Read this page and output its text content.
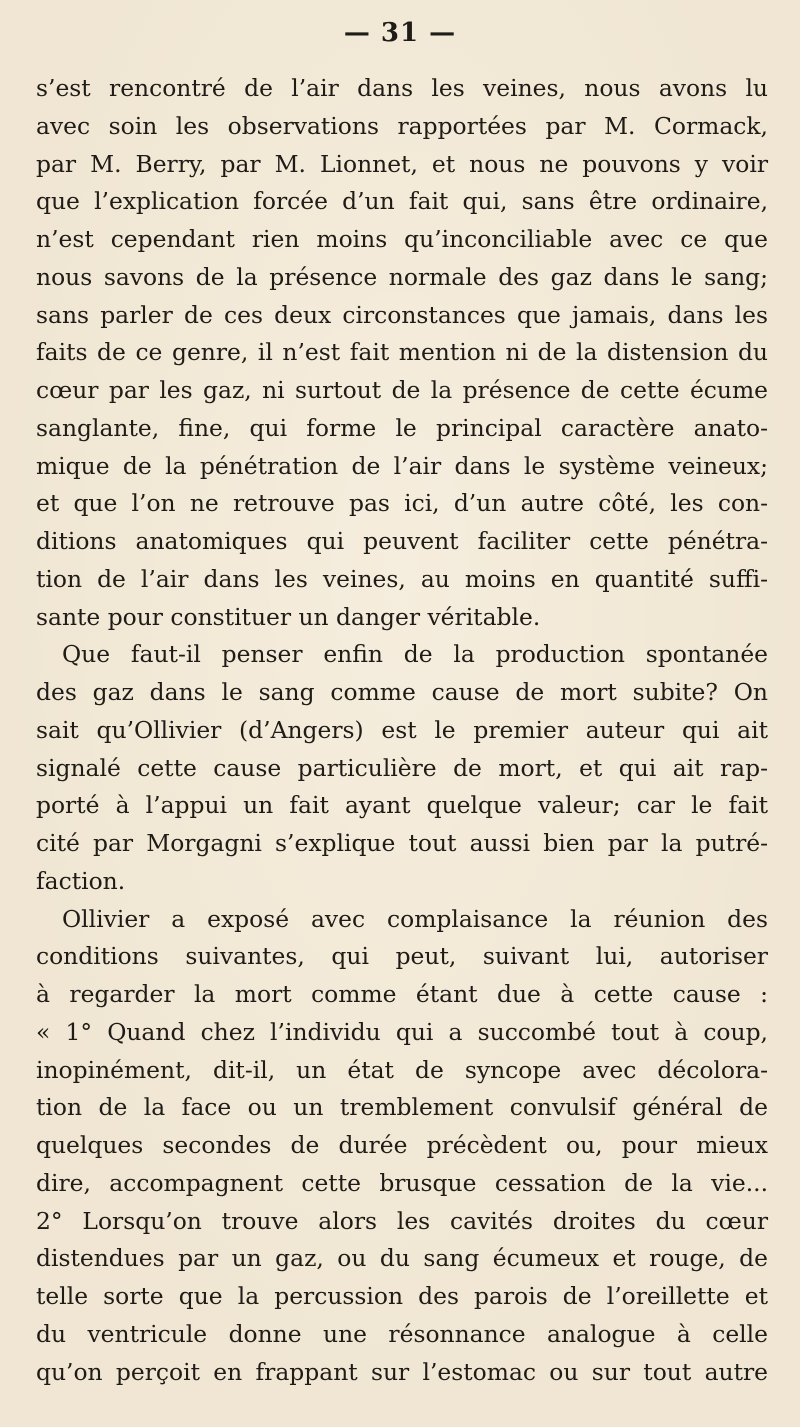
— 31 —
s’est rencontré de l’air dans les veines, nous avons lu
avec soin les observations rapportées par M. Cormack,
par M. Berry, par M. Lionnet, et nous ne pouvons y voir
que l’explication forcée d’un fait qui, sans être ordinaire,
n’est cependant rien moins qu’inconciliable avec ce que
nous savons de la présence normale des gaz dans le sang;
sans parler de ces deux circonstances que jamais, dans les
faits de ce genre, il n’est fait mention ni de la distension du
cœur par les gaz, ni surtout de la présence de cette écume
sanglante, fine, qui forme le principal caractère anato-
mique de la pénétration de l’air dans le système veineux;
et que l’on ne retrouve pas ici, d’un autre côté, les con-
ditions anatomiques qui peuvent faciliter cette pénétra-
tion de l’air dans les veines, au moins en quantité suffi-
sante pour constituer un danger véritable.
Que faut-il penser enfin de la production spontanée
des gaz dans le sang comme cause de mort subite? On
sait qu’Ollivier (d’Angers) est le premier auteur qui ait
signalé cette cause particulière de mort, et qui ait rap-
porté à l’appui un fait ayant quelque valeur; car le fait
cité par Morgagni s’explique tout aussi bien par la putré-
faction.
Ollivier a exposé avec complaisance la réunion des
conditions suivantes, qui peut, suivant lui, autoriser
à regarder la mort comme étant due à cette cause :
« 1° Quand chez l’individu qui a succombé tout à coup,
inopinément, dit-il, un état de syncope avec décolora-
tion de la face ou un tremblement convulsif général de
quelques secondes de durée précèdent ou, pour mieux
dire, accompagnent cette brusque cessation de la vie...
2° Lorsqu’on trouve alors les cavités droites du cœur
distendues par un gaz, ou du sang écumeux et rouge, de
telle sorte que la percussion des parois de l’oreillette et
du ventricule donne une résonnance analogue à celle
qu’on perçoit en frappant sur l’estomac ou sur tout autre
